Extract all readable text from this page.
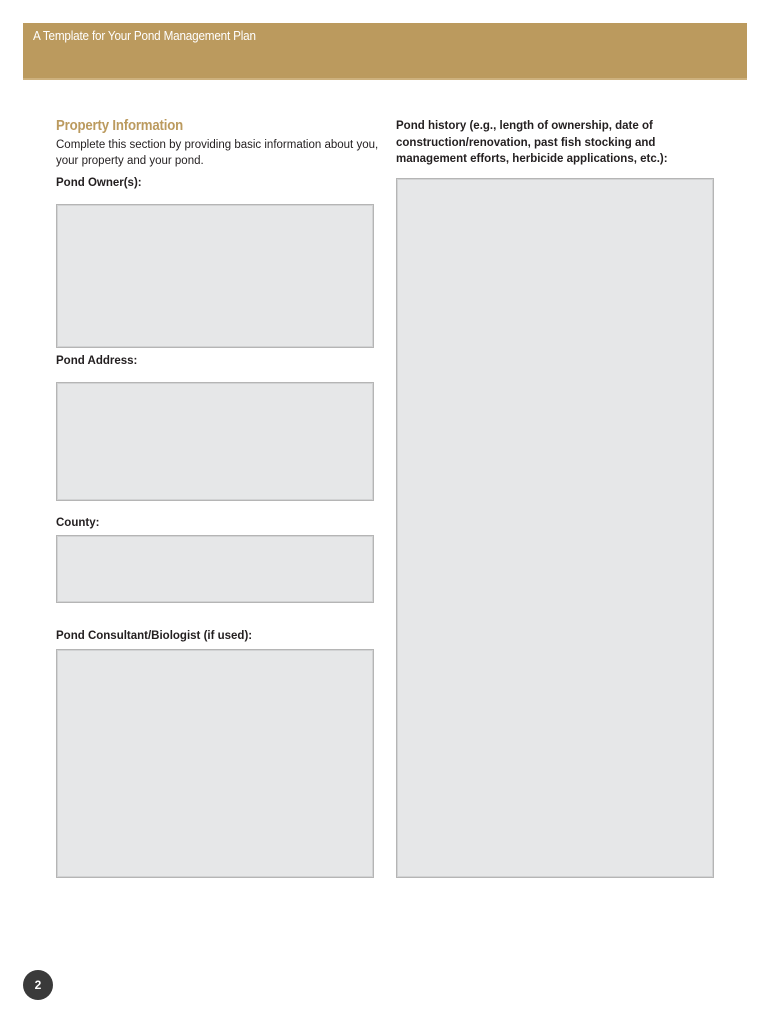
A Template for Your Pond Management Plan
Property Information
Complete this section by providing basic information about you, your property and your pond.
Pond Owner(s):
Pond Address:
County:
Pond Consultant/Biologist (if used):
Pond history (e.g., length of ownership, date of construction/renovation, past fish stocking and management efforts, herbicide applications, etc.):
2
